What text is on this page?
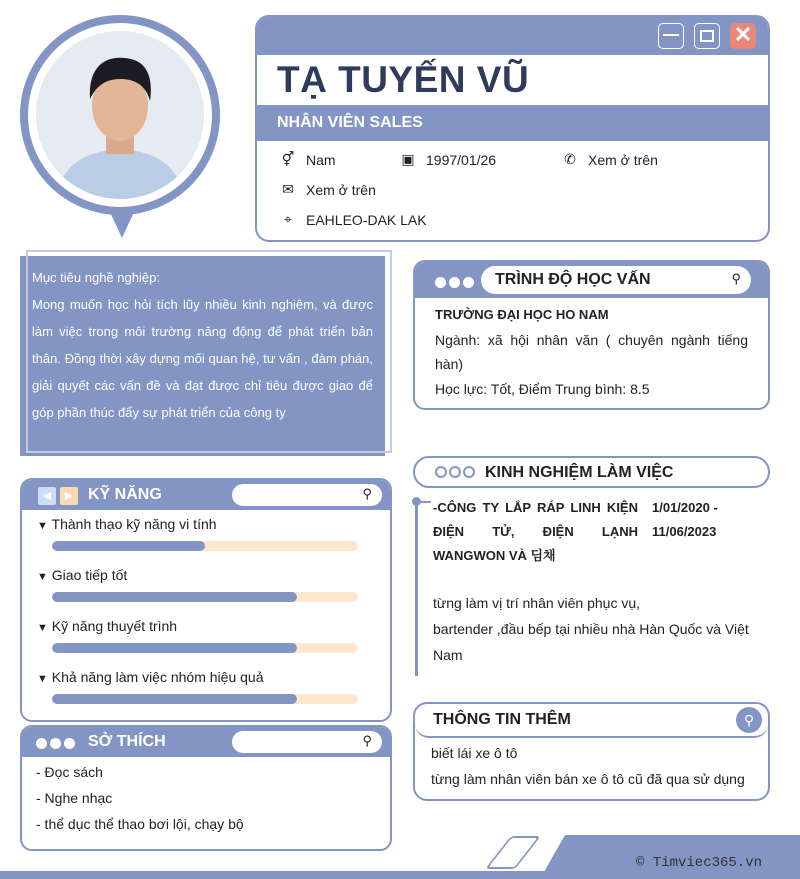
✕
TẠ TUYẾN VŨ
NHÂN VIÊN SALES
⚥ Nam	▣ 1997/01/26	✆ Xem ở trên
✉ Xem ở trên
⌖ EAHLEO-DAK LAK
Mục tiêu nghề nghiệp:
Mong muốn học hỏi tích lũy nhiều kinh nghiệm, và được làm việc trong môi trường năng động để phát triển bản thân. Đồng thời xây dựng mối quan hệ, tư vấn , đàm phán, giải quyết các vấn đề và đạt được chỉ tiêu được giao để góp phần thúc đẩy sự phát triển của công ty
◀	▶ KỸ NĂNG	⚲
▼ Thành thạo kỹ năng vi tính
▼ Giao tiếp tốt
▼ Kỹ năng thuyết trình
▼ Khả năng làm việc nhóm hiệu quả
SỞ THÍCH	⚲
- Đọc sách
- Nghe nhạc
- thể dục thể thao bơi lội, chạy bộ
TRÌNH ĐỘ HỌC VẤN	⚲
TRƯỜNG ĐẠI HỌC HO NAM
Ngành: xã hội nhân văn ( chuyên ngành tiếng hàn)
Học lực: Tốt, Điểm Trung bình: 8.5
KINH NGHIỆM LÀM VIỆC
-CÔNG TY LẮP RÁP LINH KIỆN ĐIỆN TỬ, ĐIỆN LẠNH WANGWON VÀ 딤채
1/01/2020 - 11/06/2023
từng làm vị trí nhân viên phục vụ,
bartender ,đầu bếp tại nhiều nhà Hàn Quốc và Việt Nam
THÔNG TIN THÊM	⚲
biết lái xe ô tô
từng làm nhân viên bán xe ô tô cũ đã qua sử dụng
© Timviec365.vn
